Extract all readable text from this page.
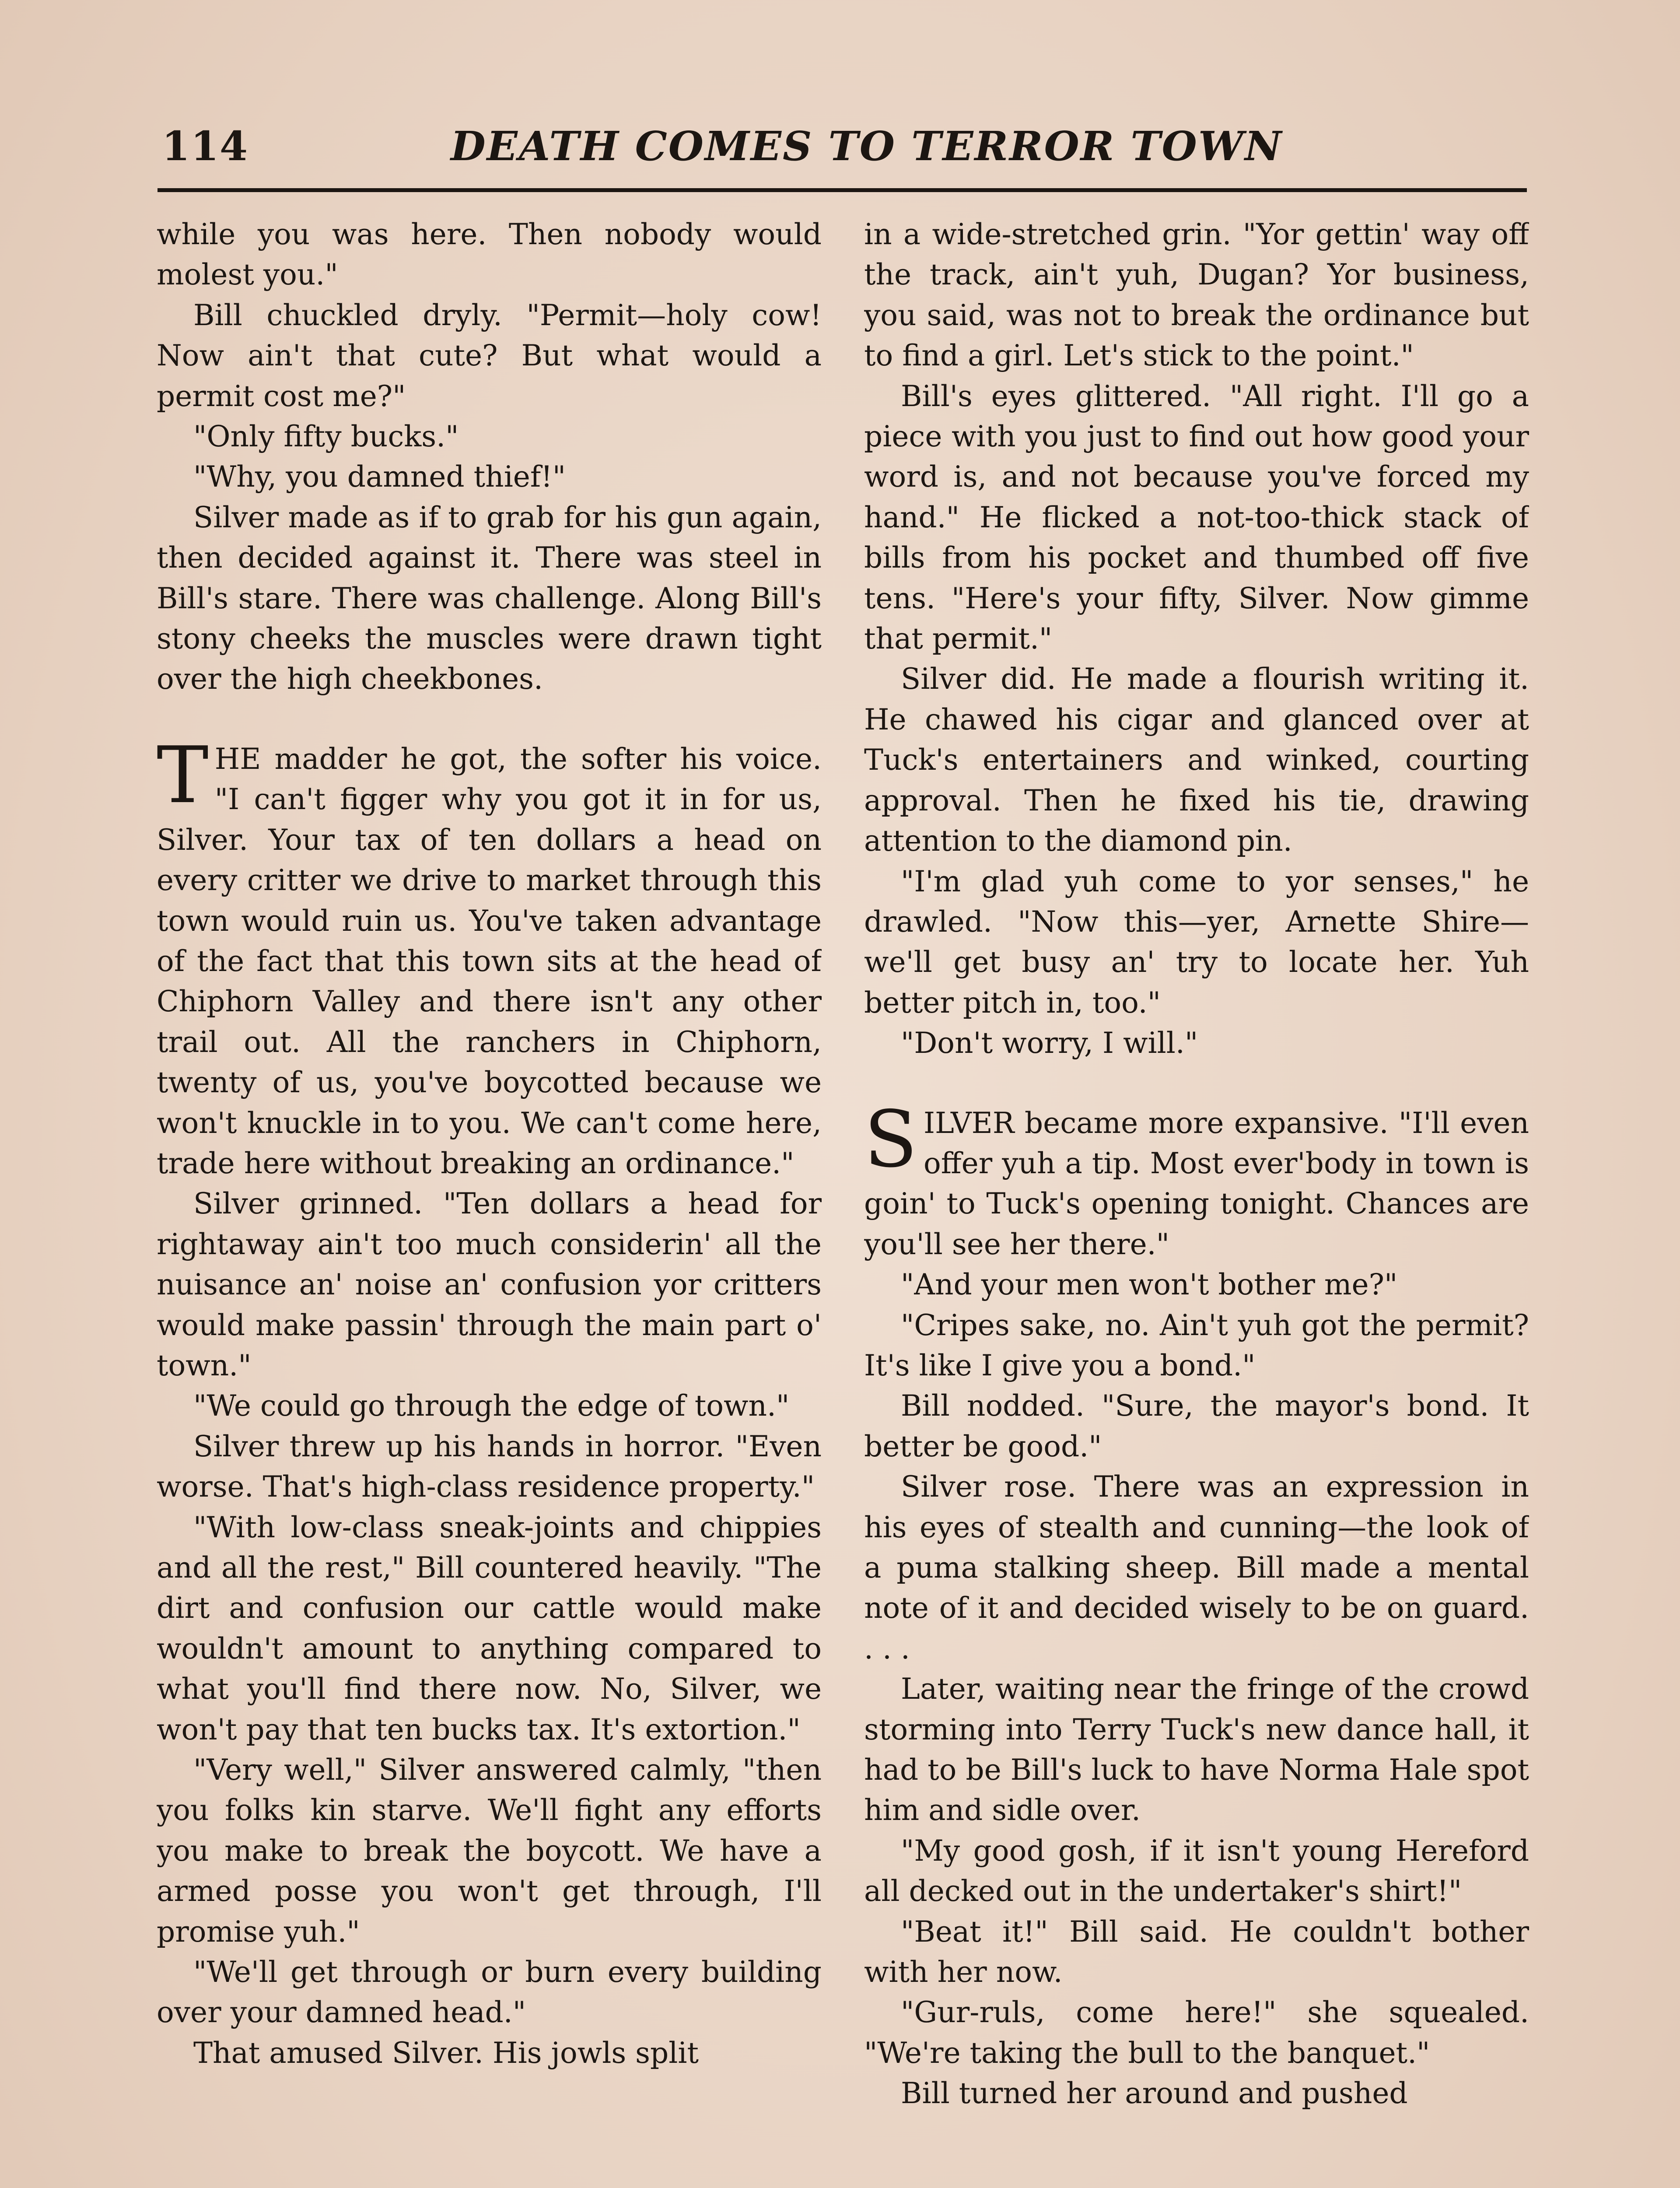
114	DEATH COMES TO TERROR TOWN

while you was here. Then nobody would molest you."

Bill chuckled dryly. "Permit—holy cow! Now ain't that cute? But what would a permit cost me?"

"Only fifty bucks."

"Why, you damned thief!"

Silver made as if to grab for his gun again, then decided against it. There was steel in Bill's stare. There was challenge. Along Bill's stony cheeks the muscles were drawn tight over the high cheekbones.

THE madder he got, the softer his voice. "I can't figger why you got it in for us, Silver. Your tax of ten dollars a head on every critter we drive to market through this town would ruin us. You've taken advantage of the fact that this town sits at the head of Chiphorn Valley and there isn't any other trail out. All the ranchers in Chiphorn, twenty of us, you've boycotted because we won't knuckle in to you. We can't come here, trade here without breaking an ordinance."

Silver grinned. "Ten dollars a head for rightaway ain't too much considerin' all the nuisance an' noise an' confusion yor critters would make passin' through the main part o' town."

"We could go through the edge of town."

Silver threw up his hands in horror. "Even worse. That's high-class residence property."

"With low-class sneak-joints and chippies and all the rest," Bill countered heavily. "The dirt and confusion our cattle would make wouldn't amount to anything compared to what you'll find there now. No, Silver, we won't pay that ten bucks tax. It's extortion."

"Very well," Silver answered calmly, "then you folks kin starve. We'll fight any efforts you make to break the boycott. We have a armed posse you won't get through, I'll promise yuh."

"We'll get through or burn every building over your damned head."

That amused Silver. His jowls split

in a wide-stretched grin. "Yor gettin' way off the track, ain't yuh, Dugan? Yor business, you said, was not to break the ordinance but to find a girl. Let's stick to the point."

Bill's eyes glittered. "All right. I'll go a piece with you just to find out how good your word is, and not because you've forced my hand." He flicked a not-too-thick stack of bills from his pocket and thumbed off five tens. "Here's your fifty, Silver. Now gimme that permit."

Silver did. He made a flourish writing it. He chawed his cigar and glanced over at Tuck's entertainers and winked, courting approval. Then he fixed his tie, drawing attention to the diamond pin.

"I'm glad yuh come to yor senses," he drawled. "Now this—yer, Arnette Shire—we'll get busy an' try to locate her. Yuh better pitch in, too."

"Don't worry, I will."

SILVER became more expansive. "I'll even offer yuh a tip. Most ever'body in town is goin' to Tuck's opening tonight. Chances are you'll see her there."

"And your men won't bother me?"

"Cripes sake, no. Ain't yuh got the permit? It's like I give you a bond."

Bill nodded. "Sure, the mayor's bond. It better be good."

Silver rose. There was an expression in his eyes of stealth and cunning—the look of a puma stalking sheep. Bill made a mental note of it and decided wisely to be on guard. . . .

Later, waiting near the fringe of the crowd storming into Terry Tuck's new dance hall, it had to be Bill's luck to have Norma Hale spot him and sidle over.

"My good gosh, if it isn't young Hereford all decked out in the undertaker's shirt!"

"Beat it!" Bill said. He couldn't bother with her now.

"Gur-ruls, come here!" she squealed. "We're taking the bull to the banquet."

Bill turned her around and pushed
